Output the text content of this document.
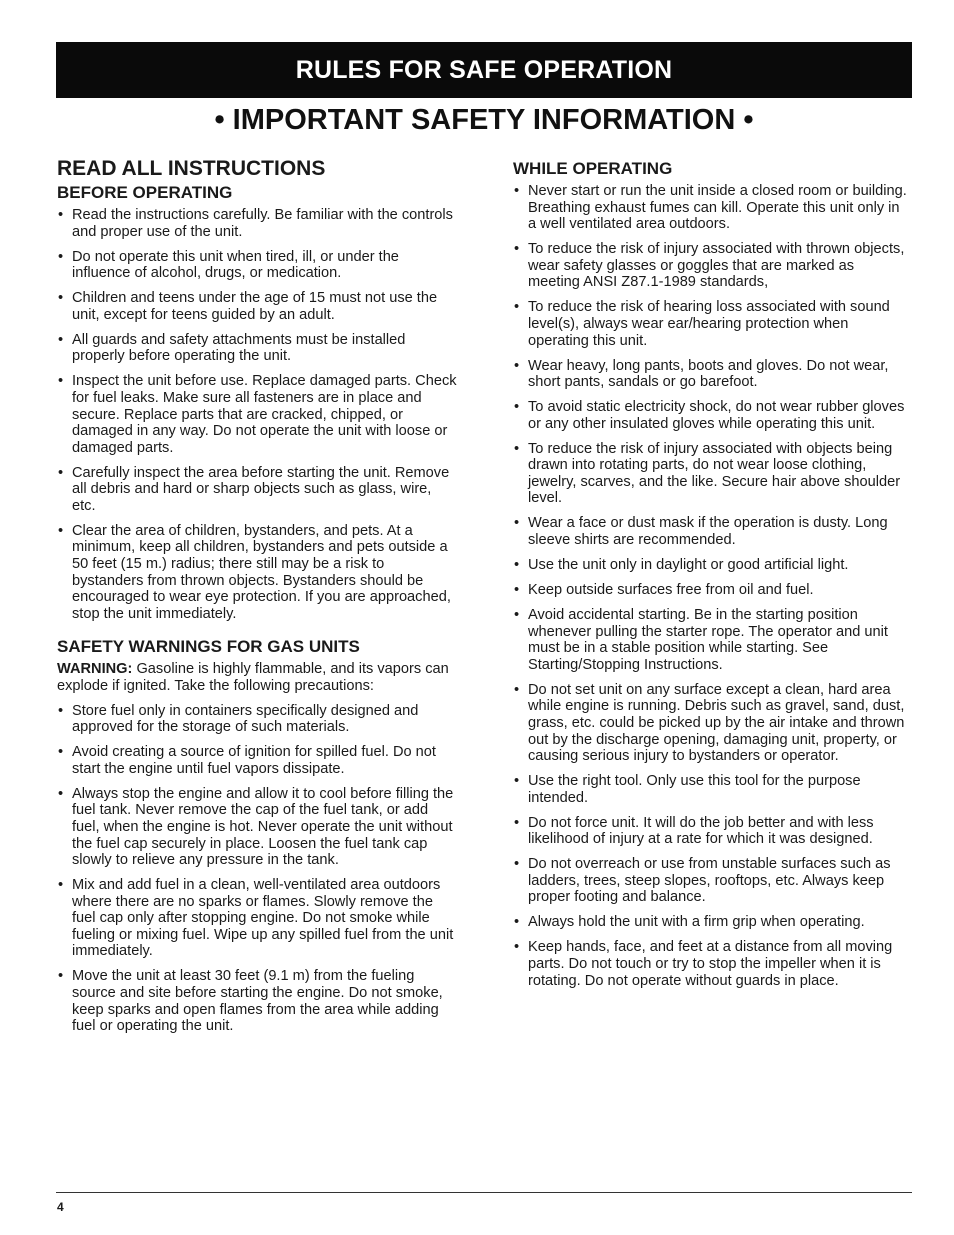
RULES FOR SAFE OPERATION
• IMPORTANT SAFETY INFORMATION •
READ ALL INSTRUCTIONS
BEFORE OPERATING
• Read the instructions carefully. Be familiar with the controls and proper use of the unit.
• Do not operate this unit when tired, ill, or under the influence of alcohol, drugs, or medication.
• Children and teens under the age of 15 must not use the unit, except for teens guided by an adult.
• All guards and safety attachments must be installed properly before operating the unit.
• Inspect the unit before use. Replace damaged parts. Check for fuel leaks. Make sure all fasteners are in place and secure. Replace parts that are cracked, chipped, or damaged in any way. Do not operate the unit with loose or damaged parts.
• Carefully inspect the area before starting the unit. Remove all debris and hard or sharp objects such as glass, wire, etc.
• Clear the area of children, bystanders, and pets. At a minimum, keep all children, bystanders and pets outside a 50 feet (15 m.) radius; there still may be a risk to bystanders from thrown objects. Bystanders should be encouraged to wear eye protection. If you are approached, stop the unit immediately.
SAFETY WARNINGS FOR GAS UNITS

WARNING: Gasoline is highly flammable, and its vapors can explode if ignited. Take the following precautions:

• Store fuel only in containers specifically designed and approved for the storage of such materials.
• Avoid creating a source of ignition for spilled fuel. Do not start the engine until fuel vapors dissipate.
• Always stop the engine and allow it to cool before filling the fuel tank. Never remove the cap of the fuel tank, or add fuel, when the engine is hot. Never operate the unit without the fuel cap securely in place. Loosen the fuel tank cap slowly to relieve any pressure in the tank.
• Mix and add fuel in a clean, well-ventilated area outdoors where there are no sparks or flames. Slowly remove the fuel cap only after stopping engine. Do not smoke while fueling or mixing fuel. Wipe up any spilled fuel from the unit immediately.
• Move the unit at least 30 feet (9.1 m) from the fueling source and site before starting the engine. Do not smoke, keep sparks and open flames from the area while adding fuel or operating the unit.
WHILE OPERATING
• Never start or run the unit inside a closed room or building. Breathing exhaust fumes can kill. Operate this unit only in a well ventilated area outdoors.
• To reduce the risk of injury associated with thrown objects, wear safety glasses or goggles that are marked as meeting ANSI Z87.1-1989 standards,
• To reduce the risk of hearing loss associated with sound level(s), always wear ear/hearing protection when operating this unit.
• Wear heavy, long pants, boots and gloves. Do not wear, short pants, sandals or go barefoot.
• To avoid static electricity shock, do not wear rubber gloves or any other insulated gloves while operating this unit.
• To reduce the risk of injury associated with objects being drawn into rotating parts, do not wear loose clothing, jewelry, scarves, and the like. Secure hair above shoulder level.
• Wear a face or dust mask if the operation is dusty. Long sleeve shirts are recommended.
• Use the unit only in daylight or good artificial light.
• Keep outside surfaces free from oil and fuel.
• Avoid accidental starting. Be in the starting position whenever pulling the starter rope. The operator and unit must be in a stable position while starting. See Starting/Stopping Instructions.
• Do not set unit on any surface except a clean, hard area while engine is running. Debris such as gravel, sand, dust, grass, etc. could be picked up by the air intake and thrown out by the discharge opening, damaging unit, property, or causing serious injury to bystanders or operator.
• Use the right tool. Only use this tool for the purpose intended.
• Do not force unit. It will do the job better and with less likelihood of injury at a rate for which it was designed.
• Do not overreach or use from unstable surfaces such as ladders, trees, steep slopes, rooftops, etc. Always keep proper footing and balance.
• Always hold the unit with a firm grip when operating.
• Keep hands, face, and feet at a distance from all moving parts. Do not touch or try to stop the impeller when it is rotating. Do not operate without guards in place.
4
